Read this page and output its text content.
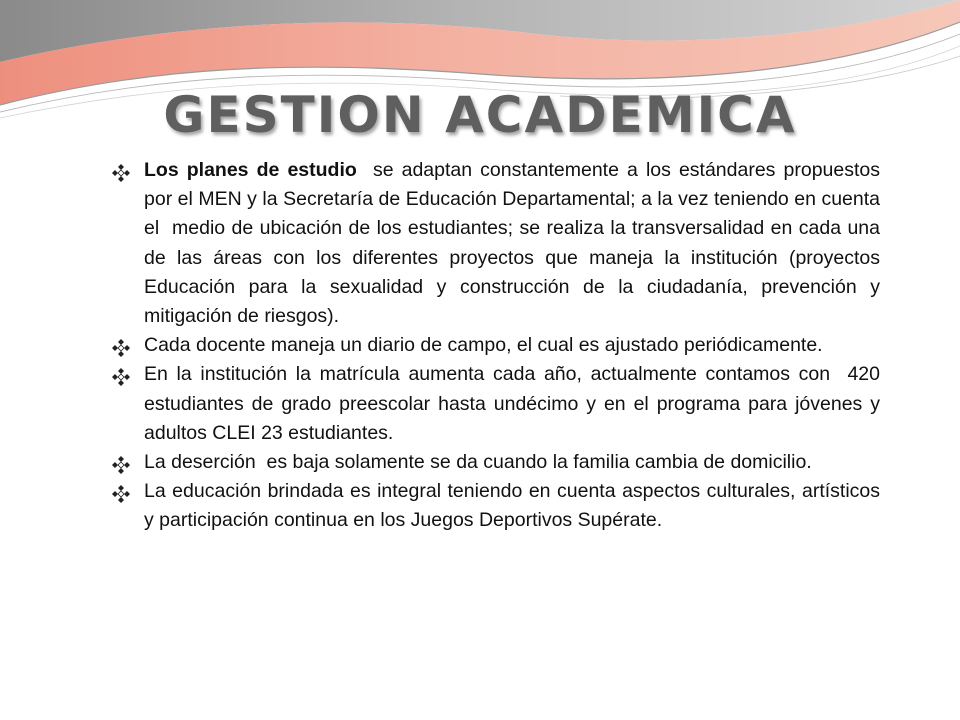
GESTION ACADEMICA
Los planes de estudio  se adaptan constantemente a los estándares propuestos por el MEN y la Secretaría de Educación Departamental; a la vez teniendo en cuenta el  medio de ubicación de los estudiantes; se realiza la transversalidad en cada una de las áreas con los diferentes proyectos que maneja la institución (proyectos Educación para la sexualidad y construcción de la ciudadanía, prevención y mitigación de riesgos).
Cada docente maneja un diario de campo, el cual es ajustado periódicamente.
En la institución la matrícula aumenta cada año, actualmente contamos con  420 estudiantes de grado preescolar hasta undécimo y en el programa para jóvenes y adultos CLEI 23 estudiantes.
La deserción  es baja solamente se da cuando la familia cambia de domicilio.
La educación brindada es integral teniendo en cuenta aspectos culturales, artísticos y participación continua en los Juegos Deportivos Supérate.
